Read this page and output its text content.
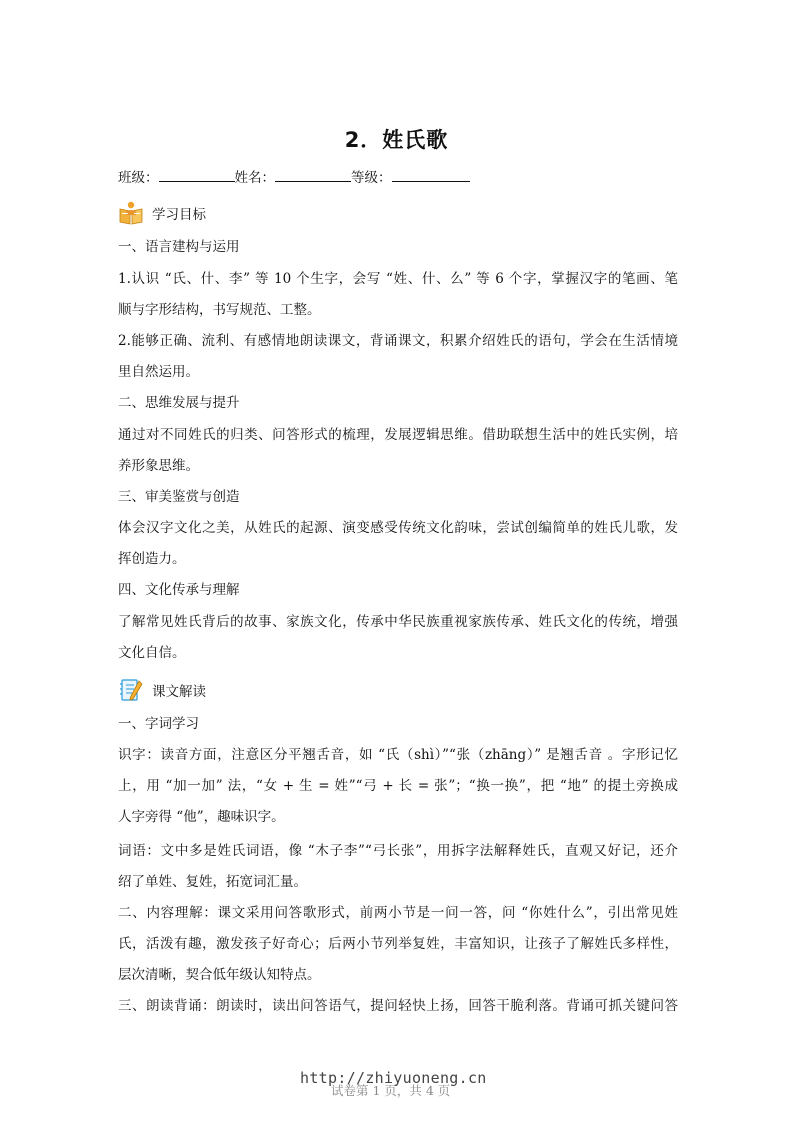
2．姓氏歌
班级：	姓名：	等级：
学习目标
一、语言建构与运用
1.认识 “氏、什、李” 等 10 个生字，会写 “姓、什、么” 等 6 个字，掌握汉字的笔画、笔
顺与字形结构，书写规范、工整。
2.能够正确、流利、有感情地朗读课文，背诵课文，积累介绍姓氏的语句，学会在生活情境
里自然运用。
二、思维发展与提升
通过对不同姓氏的归类、问答形式的梳理，发展逻辑思维。借助联想生活中的姓氏实例，培
养形象思维。
三、审美鉴赏与创造
体会汉字文化之美，从姓氏的起源、演变感受传统文化韵味，尝试创编简单的姓氏儿歌，发
挥创造力。
四、文化传承与理解
了解常见姓氏背后的故事、家族文化，传承中华民族重视家族传承、姓氏文化的传统，增强
文化自信。
课文解读
一、字词学习
识字：读音方面，注意区分平翘舌音，如 “氏（shì）”“张（zhāng）” 是翘舌音 。字形记忆
上，用 “加一加” 法，“女 + 生 = 姓”“弓 + 长 = 张”；“换一换”，把 “地” 的提土旁换成
人字旁得 “他”，趣味识字。
词语：文中多是姓氏词语，像 “木子李”“弓长张”，用拆字法解释姓氏，直观又好记，还介
绍了单姓、复姓，拓宽词汇量。
二、内容理解：课文采用问答歌形式，前两小节是一问一答，问 “你姓什么”，引出常见姓
氏，活泼有趣，激发孩子好奇心；后两小节列举复姓，丰富知识，让孩子了解姓氏多样性，
层次清晰，契合低年级认知特点。
三、朗读背诵：朗读时，读出问答语气，提问轻快上扬，回答干脆利落。背诵可抓关键问答
试卷第 1 页，共 4 页
http://zhiyuoneng.cn
